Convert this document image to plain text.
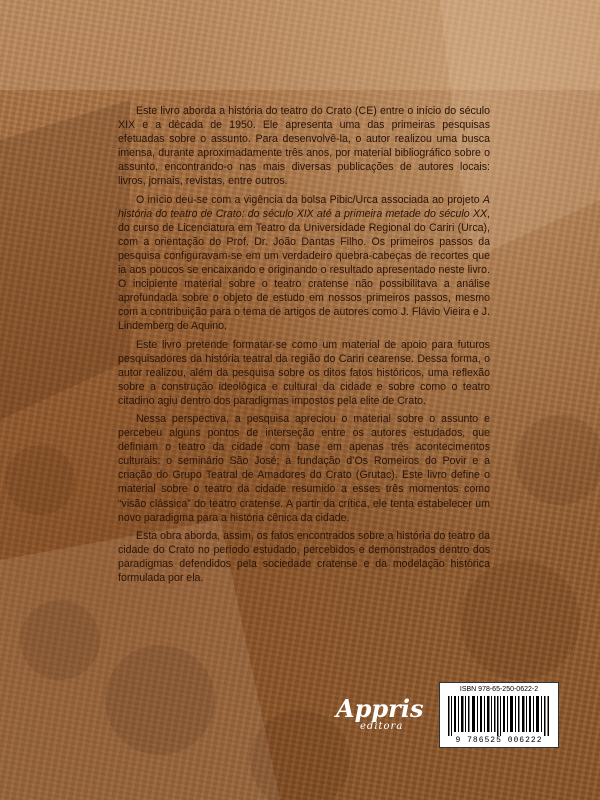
Este livro aborda a história do teatro do Crato (CE) entre o início do século XIX e a década de 1950. Ele apresenta uma das primeiras pesquisas efetuadas sobre o assunto. Para desenvolvê-la, o autor realizou uma busca imensa, durante aproximadamente três anos, por material bibliográfico sobre o assunto, encontrando-o nas mais diversas publicações de autores locais: livros, jornais, revistas, entre outros.

O início deu-se com a vigência da bolsa Pibic/Urca associada ao projeto A história do teatro de Crato: do século XIX até a primeira metade do século XX, do curso de Licenciatura em Teatro da Universidade Regional do Cariri (Urca), com a orientação do Prof. Dr. João Dantas Filho. Os primeiros passos da pesquisa configuravam-se em um verdadeiro quebra-cabeças de recortes que ia aos poucos se encaixando e originando o resultado apresentado neste livro. O incipiente material sobre o teatro cratense não possibilitava a análise aprofundada sobre o objeto de estudo em nossos primeiros passos, mesmo com a contribuição para o tema de artigos de autores como J. Flávio Vieira e J. Lindemberg de Aquino.

Este livro pretende formatar-se como um material de apoio para futuros pesquisadores da história teatral da região do Cariri cearense. Dessa forma, o autor realizou, além da pesquisa sobre os ditos fatos históricos, uma reflexão sobre a construção ideológica e cultural da cidade e sobre como o teatro citadino agiu dentro dos paradigmas impostos pela elite de Crato.

Nessa perspectiva, a pesquisa apreciou o material sobre o assunto e percebeu alguns pontos de interseção entre os autores estudados, que definiam o teatro da cidade com base em apenas três acontecimentos culturais: o seminário São José; a fundação d’Os Romeiros do Povir e a criação do Grupo Teatral de Amadores do Crato (Grutac). Este livro define o material sobre o teatro da cidade resumido a esses três momentos como “visão clássica” do teatro cratense. A partir da crítica, ele tenta estabelecer um novo paradigma para a história cênica da cidade.

Esta obra aborda, assim, os fatos encontrados sobre a história do teatro da cidade do Crato no período estudado, percebidos e demonstrados dentro dos paradigmas defendidos pela sociedade cratense e da modelação histórica formulada por ela.

Appris
editora
ISBN 978-65-250-0622-2
9 786525 006222
